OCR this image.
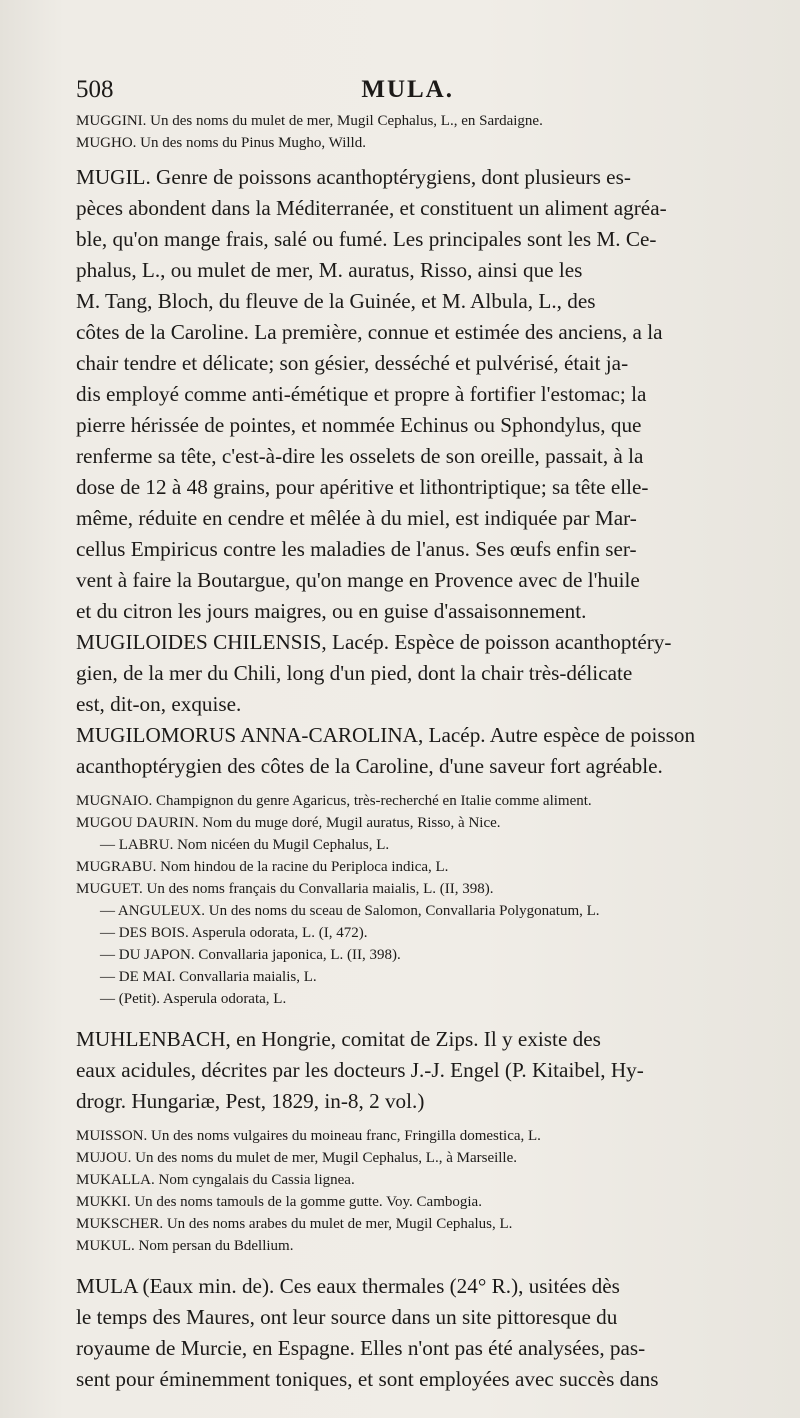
508	MULA.

MUGGINI. Un des noms du mulet de mer, Mugil Cephalus, L., en Sardaigne.

MUGHO. Un des noms du Pinus Mugho, Willd.

MUGIL. Genre de poissons acanthoptérygiens, dont plusieurs es-

pèces abondent dans la Méditerranée, et constituent un aliment agréa-

ble, qu'on mange frais, salé ou fumé. Les principales sont les M. Ce-

phalus, L., ou mulet de mer, M. auratus, Risso, ainsi que les

M. Tang, Bloch, du fleuve de la Guinée, et M. Albula, L., des

côtes de la Caroline. La première, connue et estimée des anciens, a la

chair tendre et délicate; son gésier, desséché et pulvérisé, était ja-

dis employé comme anti-émétique et propre à fortifier l'estomac; la

pierre hérissée de pointes, et nommée Echinus ou Sphondylus, que

renferme sa tête, c'est-à-dire les osselets de son oreille, passait, à la

dose de 12 à 48 grains, pour apéritive et lithontriptique; sa tête elle-

même, réduite en cendre et mêlée à du miel, est indiquée par Mar-

cellus Empiricus contre les maladies de l'anus. Ses œufs enfin ser-

vent à faire la Boutargue, qu'on mange en Provence avec de l'huile

et du citron les jours maigres, ou en guise d'assaisonnement.

MUGILOIDES CHILENSIS, Lacép. Espèce de poisson acanthoptéry-

gien, de la mer du Chili, long d'un pied, dont la chair très-délicate

est, dit-on, exquise.

MUGILOMORUS ANNA-CAROLINA, Lacép. Autre espèce de poisson

acanthoptérygien des côtes de la Caroline, d'une saveur fort agréable.

MUGNAIO. Champignon du genre Agaricus, très-recherché en Italie comme aliment.

MUGOU DAURIN. Nom du muge doré, Mugil auratus, Risso, à Nice.

— LABRU. Nom nicéen du Mugil Cephalus, L.

MUGRABU. Nom hindou de la racine du Periploca indica, L.

MUGUET. Un des noms français du Convallaria maialis, L. (II, 398).

— ANGULEUX. Un des noms du sceau de Salomon, Convallaria Polygonatum, L.

— DES BOIS. Asperula odorata, L. (I, 472).

— DU JAPON. Convallaria japonica, L. (II, 398).

— DE MAI. Convallaria maialis, L.

— (Petit). Asperula odorata, L.

MUHLENBACH, en Hongrie, comitat de Zips. Il y existe des

eaux acidules, décrites par les docteurs J.-J. Engel (P. Kitaibel, Hy-

drogr. Hungariæ, Pest, 1829, in-8, 2 vol.)

MUISSON. Un des noms vulgaires du moineau franc, Fringilla domestica, L.

MUJOU. Un des noms du mulet de mer, Mugil Cephalus, L., à Marseille.

MUKALLA. Nom cyngalais du Cassia lignea.

MUKKI. Un des noms tamouls de la gomme gutte. Voy. Cambogia.

MUKSCHER. Un des noms arabes du mulet de mer, Mugil Cephalus, L.

MUKUL. Nom persan du Bdellium.

MULA (Eaux min. de). Ces eaux thermales (24° R.), usitées dès

le temps des Maures, ont leur source dans un site pittoresque du

royaume de Murcie, en Espagne. Elles n'ont pas été analysées, pas-

sent pour éminemment toniques, et sont employées avec succès dans
